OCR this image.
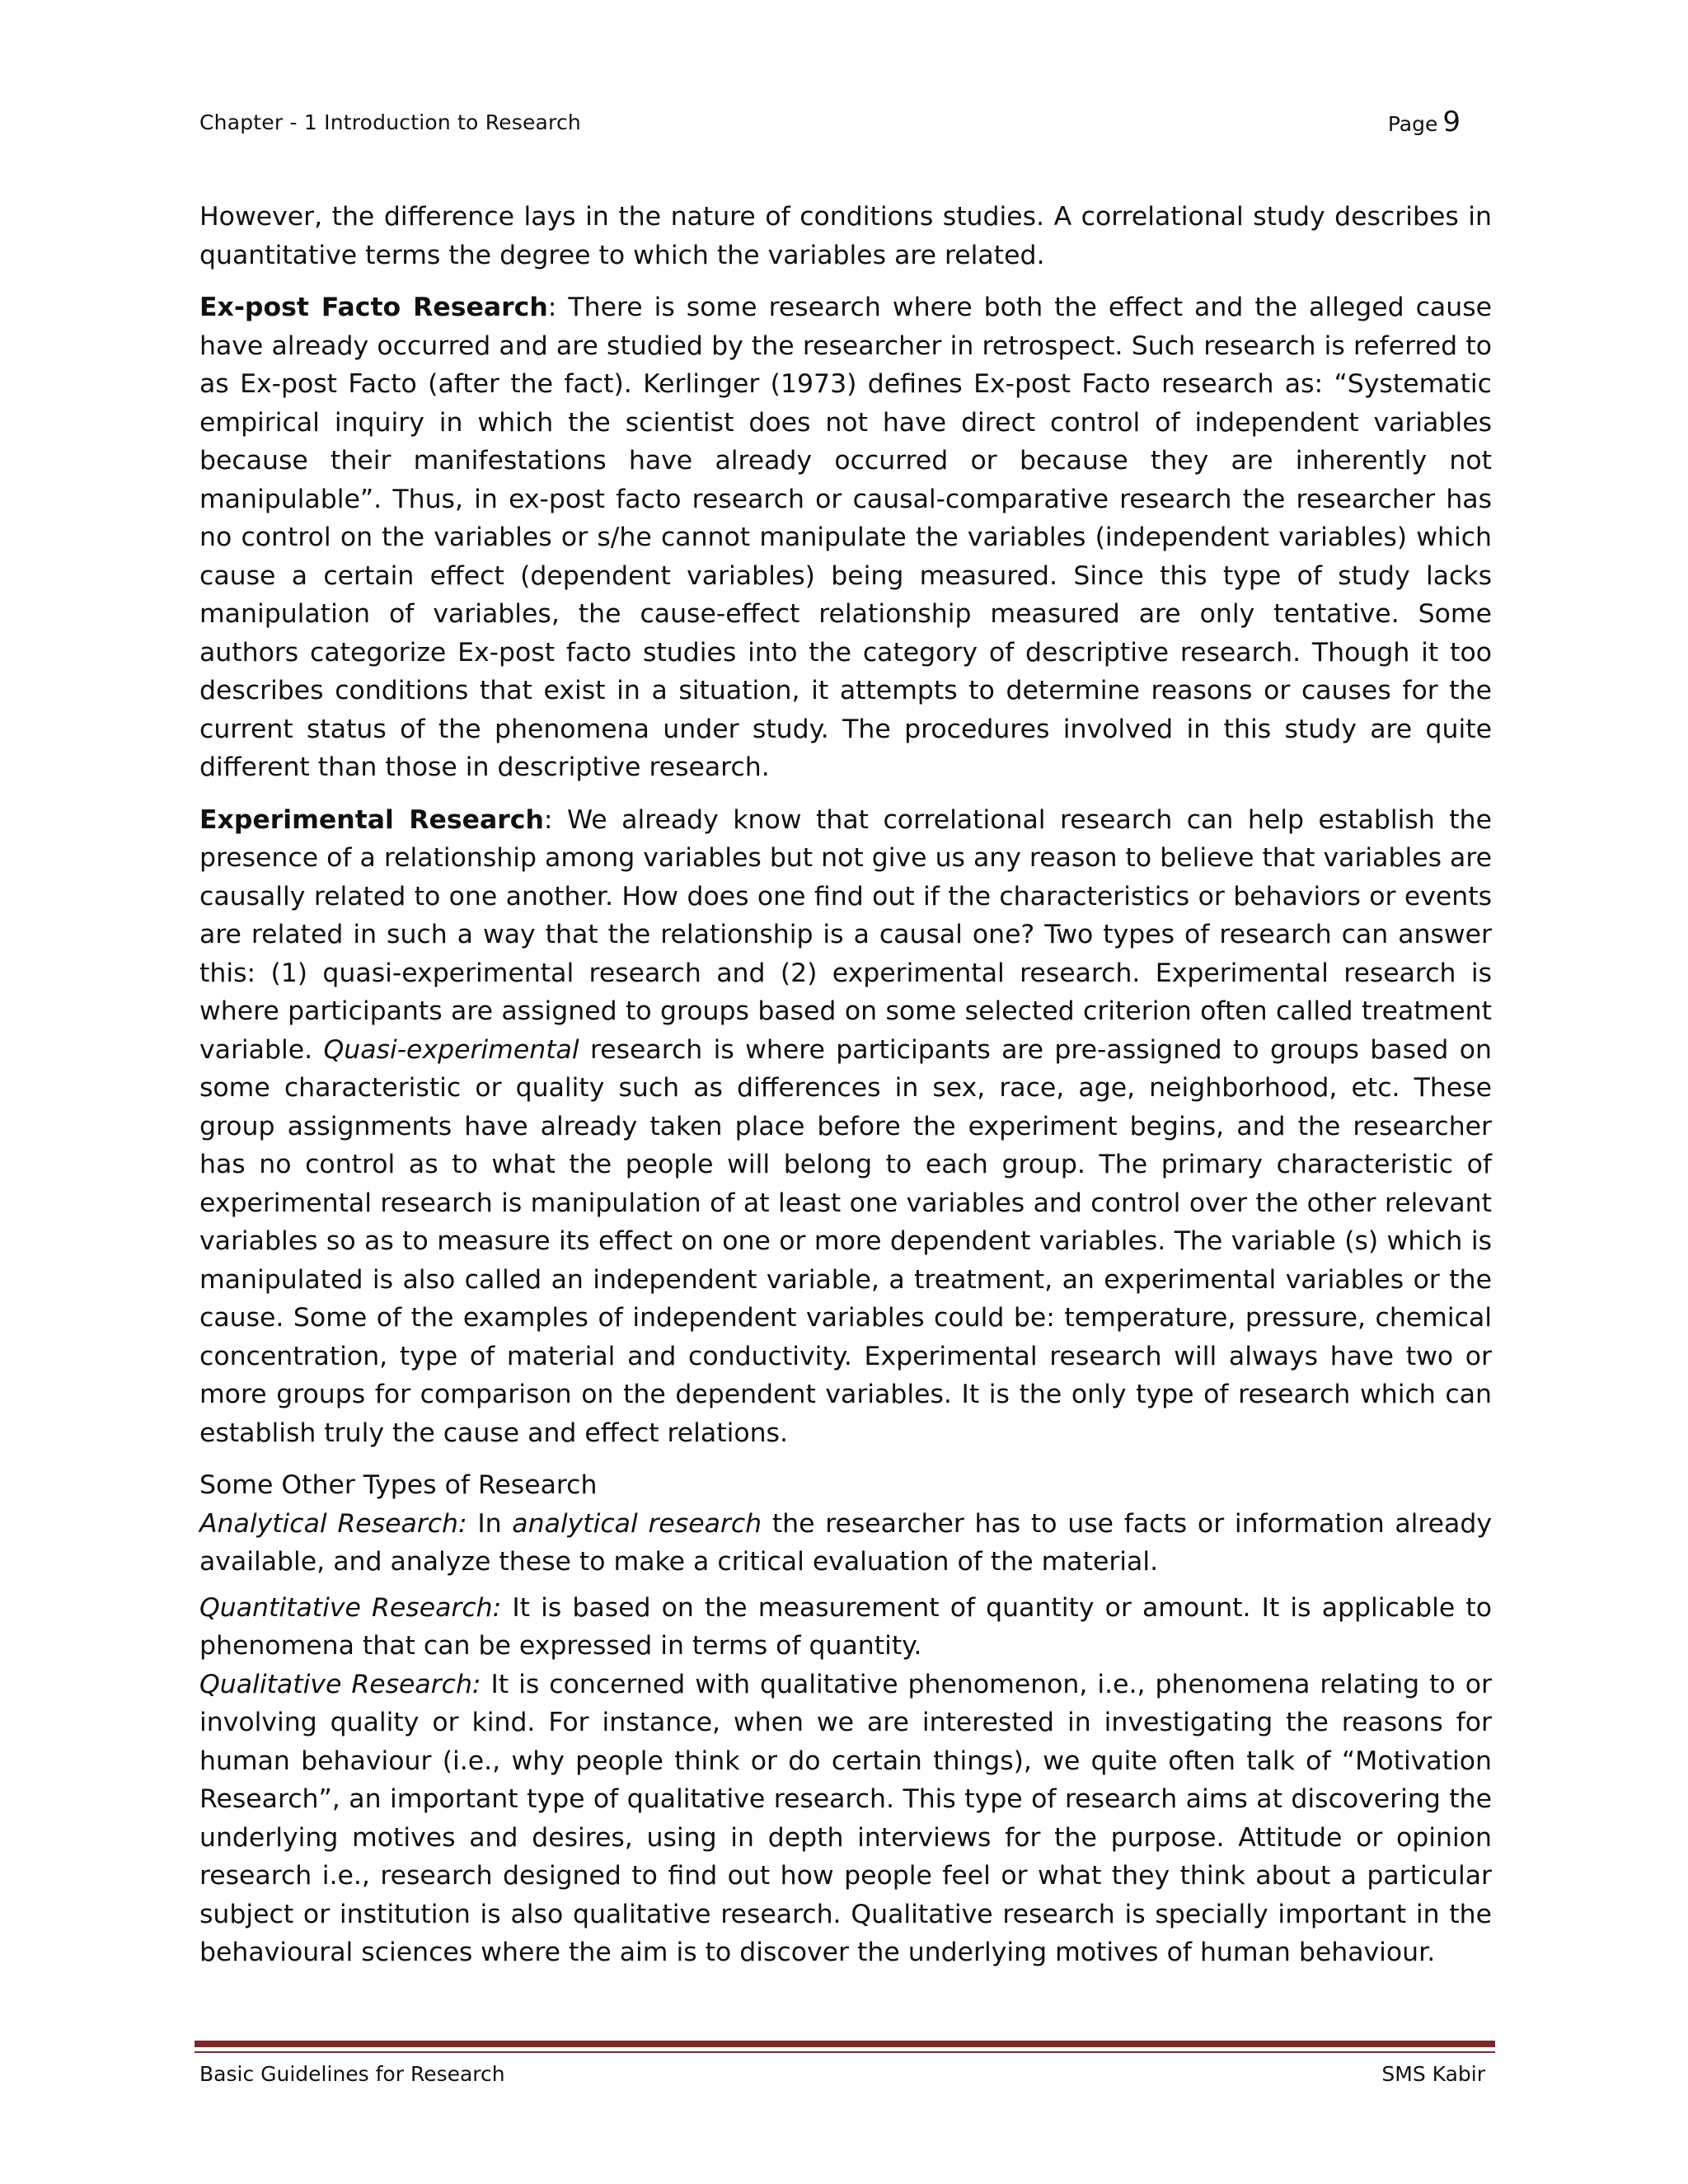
Chapter - 1 Introduction to Research	Page 9

However, the difference lays in the nature of conditions studies. A correlational study describes in quantitative terms the degree to which the variables are related.

Ex-post Facto Research: There is some research where both the effect and the alleged cause have already occurred and are studied by the researcher in retrospect. Such research is referred to as Ex-post Facto (after the fact). Kerlinger (1973) defines Ex-post Facto research as: “Systematic empirical inquiry in which the scientist does not have direct control of independent variables because their manifestations have already occurred or because they are inherently not manipulable”. Thus, in ex-post facto research or causal-comparative research the researcher has no control on the variables or s/he cannot manipulate the variables (independent variables) which cause a certain effect (dependent variables) being measured. Since this type of study lacks manipulation of variables, the cause-effect relationship measured are only tentative. Some authors categorize Ex-post facto studies into the category of descriptive research. Though it too describes conditions that exist in a situation, it attempts to determine reasons or causes for the current status of the phenomena under study. The procedures involved in this study are quite different than those in descriptive research.

Experimental Research: We already know that correlational research can help establish the presence of a relationship among variables but not give us any reason to believe that variables are causally related to one another. How does one find out if the characteristics or behaviors or events are related in such a way that the relationship is a causal one? Two types of research can answer this: (1) quasi-experimental research and (2) experimental research. Experimental research is where participants are assigned to groups based on some selected criterion often called treatment variable. Quasi-experimental research is where participants are pre-assigned to groups based on some characteristic or quality such as differences in sex, race, age, neighborhood, etc. These group assignments have already taken place before the experiment begins, and the researcher has no control as to what the people will belong to each group. The primary characteristic of experimental research is manipulation of at least one variables and control over the other relevant variables so as to measure its effect on one or more dependent variables. The variable (s) which is manipulated is also called an independent variable, a treatment, an experimental variables or the cause. Some of the examples of independent variables could be: temperature, pressure, chemical concentration, type of material and conductivity. Experimental research will always have two or more groups for comparison on the dependent variables. It is the only type of research which can establish truly the cause and effect relations.

Some Other Types of Research

Analytical Research: In analytical research the researcher has to use facts or information already available, and analyze these to make a critical evaluation of the material.

Quantitative Research: It is based on the measurement of quantity or amount. It is applicable to phenomena that can be expressed in terms of quantity.

Qualitative Research: It is concerned with qualitative phenomenon, i.e., phenomena relating to or involving quality or kind. For instance, when we are interested in investigating the reasons for human behaviour (i.e., why people think or do certain things), we quite often talk of “Motivation Research”, an important type of qualitative research. This type of research aims at discovering the underlying motives and desires, using in depth interviews for the purpose. Attitude or opinion research i.e., research designed to find out how people feel or what they think about a particular subject or institution is also qualitative research. Qualitative research is specially important in the behavioural sciences where the aim is to discover the underlying motives of human behaviour.

Basic Guidelines for Research	SMS Kabir
